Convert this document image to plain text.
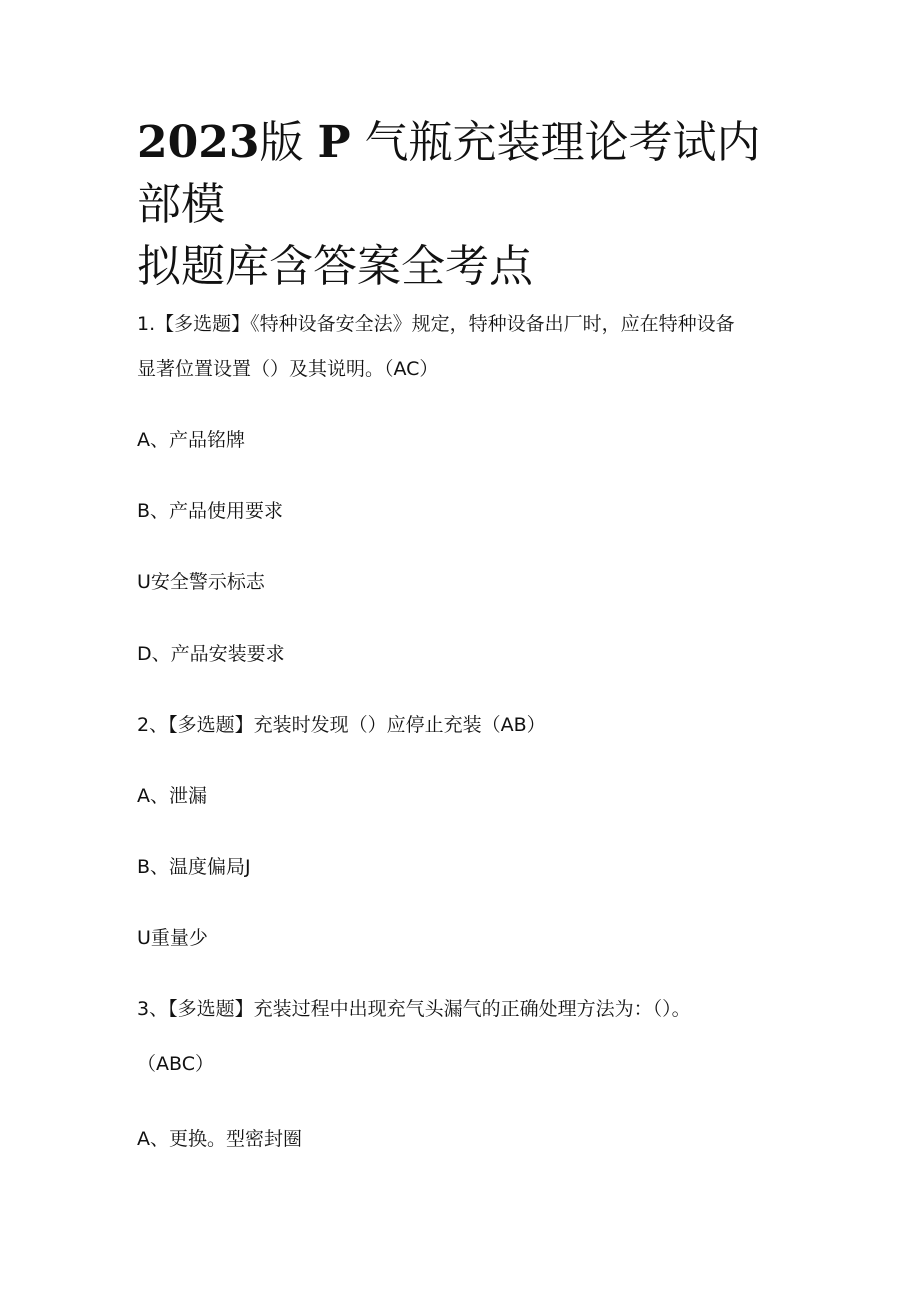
2023版 P 气瓶充装理论考试内部模
拟题库含答案全考点

1.【多选题】《特种设备安全法》规定，特种设备出厂时，应在特种设备

显著位置设置（）及其说明。（AC）

A、产品铭牌

B、产品使用要求

U安全警示标志

D、产品安装要求

2、【多选题】充装时发现（）应停止充装（AB）

A、泄漏

B、温度偏局J

U重量少

3、【多选题】充装过程中出现充气头漏气的正确处理方法为：（）。

（ABC）

A、更换。型密封圈
